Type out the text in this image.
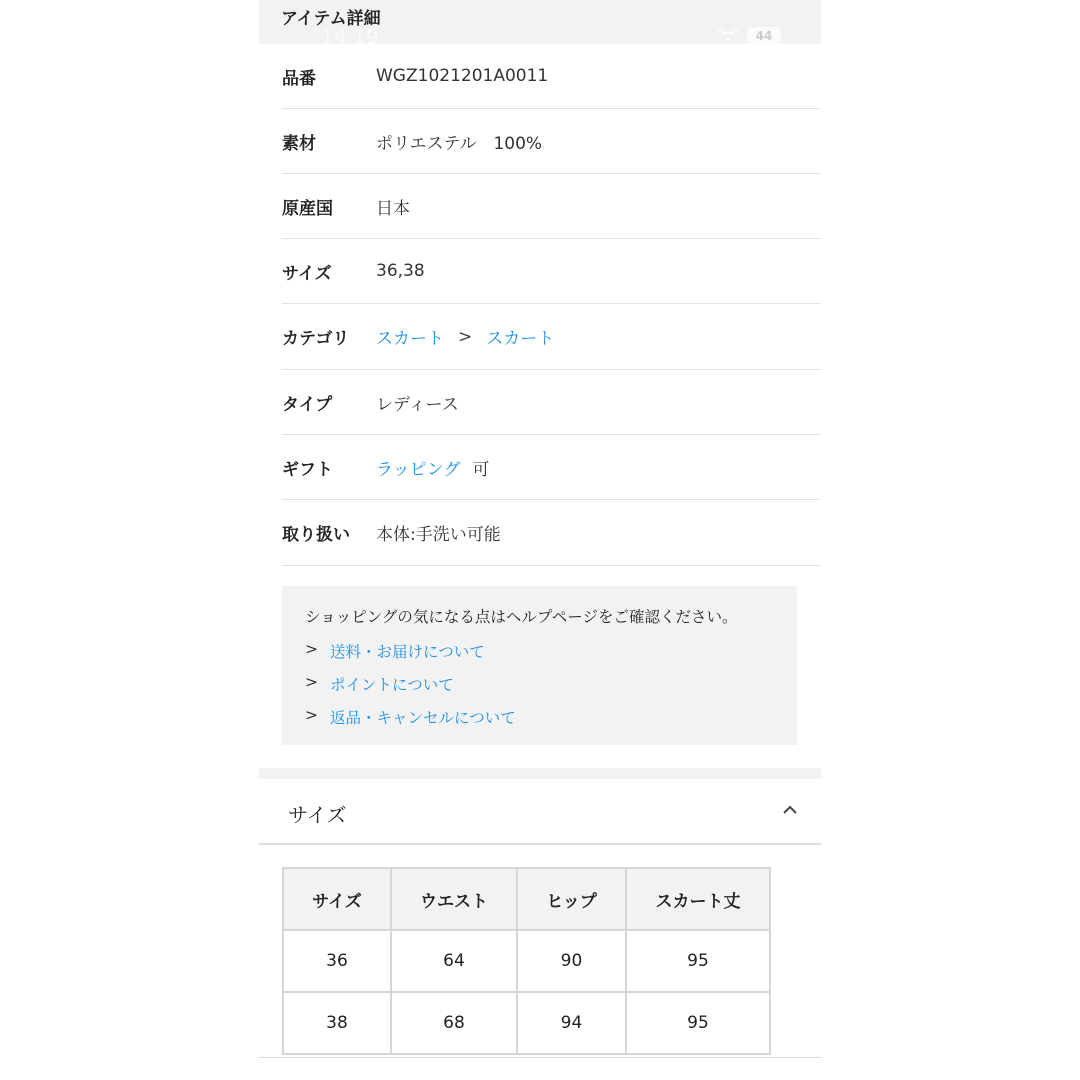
アイテム詳細
14:19	44
品番	WGZ1021201A0011
素材	ポリエステル　100%
原産国	日本
サイズ	36,38
カテゴリ	スカート > スカート
タイプ	レディース
ギフト	ラッピング 可
取り扱い	本体:手洗い可能
ショッピングの気になる点はヘルプページをご確認ください。
> 送料・お届けについて
> ポイントについて
> 返品・キャンセルについて
サイズ
サイズ	ウエスト	ヒップ	スカート丈
36	64	90	95
38	68	94	95
